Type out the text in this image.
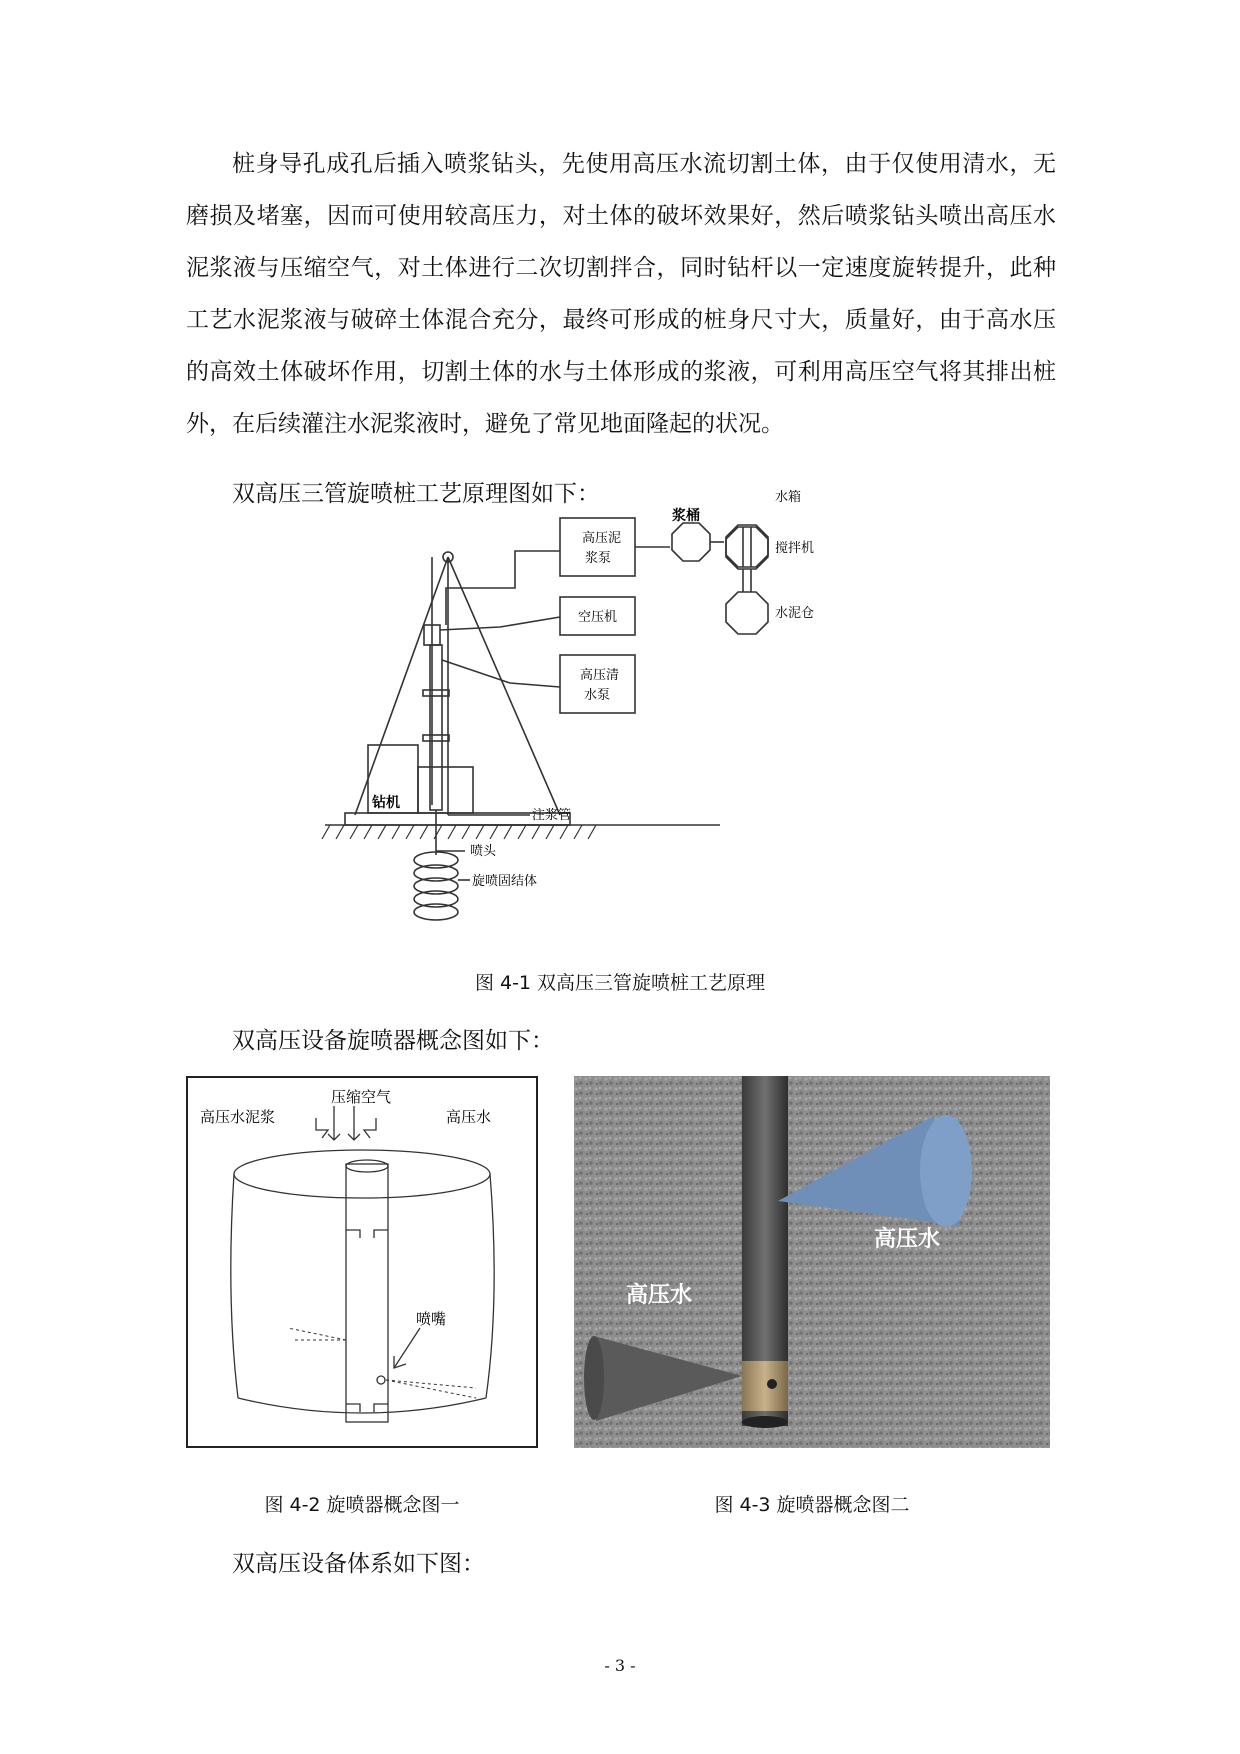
桩身导孔成孔后插入喷浆钻头，先使用高压水流切割土体，由于仅使用清水，无磨损及堵塞，因而可使用较高压力，对土体的破坏效果好，然后喷浆钻头喷出高压水泥浆液与压缩空气，对土体进行二次切割拌合，同时钻杆以一定速度旋转提升，此种工艺水泥浆液与破碎土体混合充分，最终可形成的桩身尺寸大，质量好，由于高水压的高效土体破坏作用，切割土体的水与土体形成的浆液，可利用高压空气将其排出桩外，在后续灌注水泥浆液时，避免了常见地面隆起的状况。

双高压三管旋喷桩工艺原理图如下：
高压泥
浆泵
空压机
高压清
水泵
浆桶
水箱
搅拌机
水泥仓
钻机
注浆管
喷头
旋喷固结体
图 4-1 双高压三管旋喷桩工艺原理
双高压设备旋喷器概念图如下：
压缩空气
高压水泥浆	高压水
喷嘴
高压水
高压水
图 4-2 旋喷器概念图一	图 4-3 旋喷器概念图二
双高压设备体系如下图：
- 3 -
